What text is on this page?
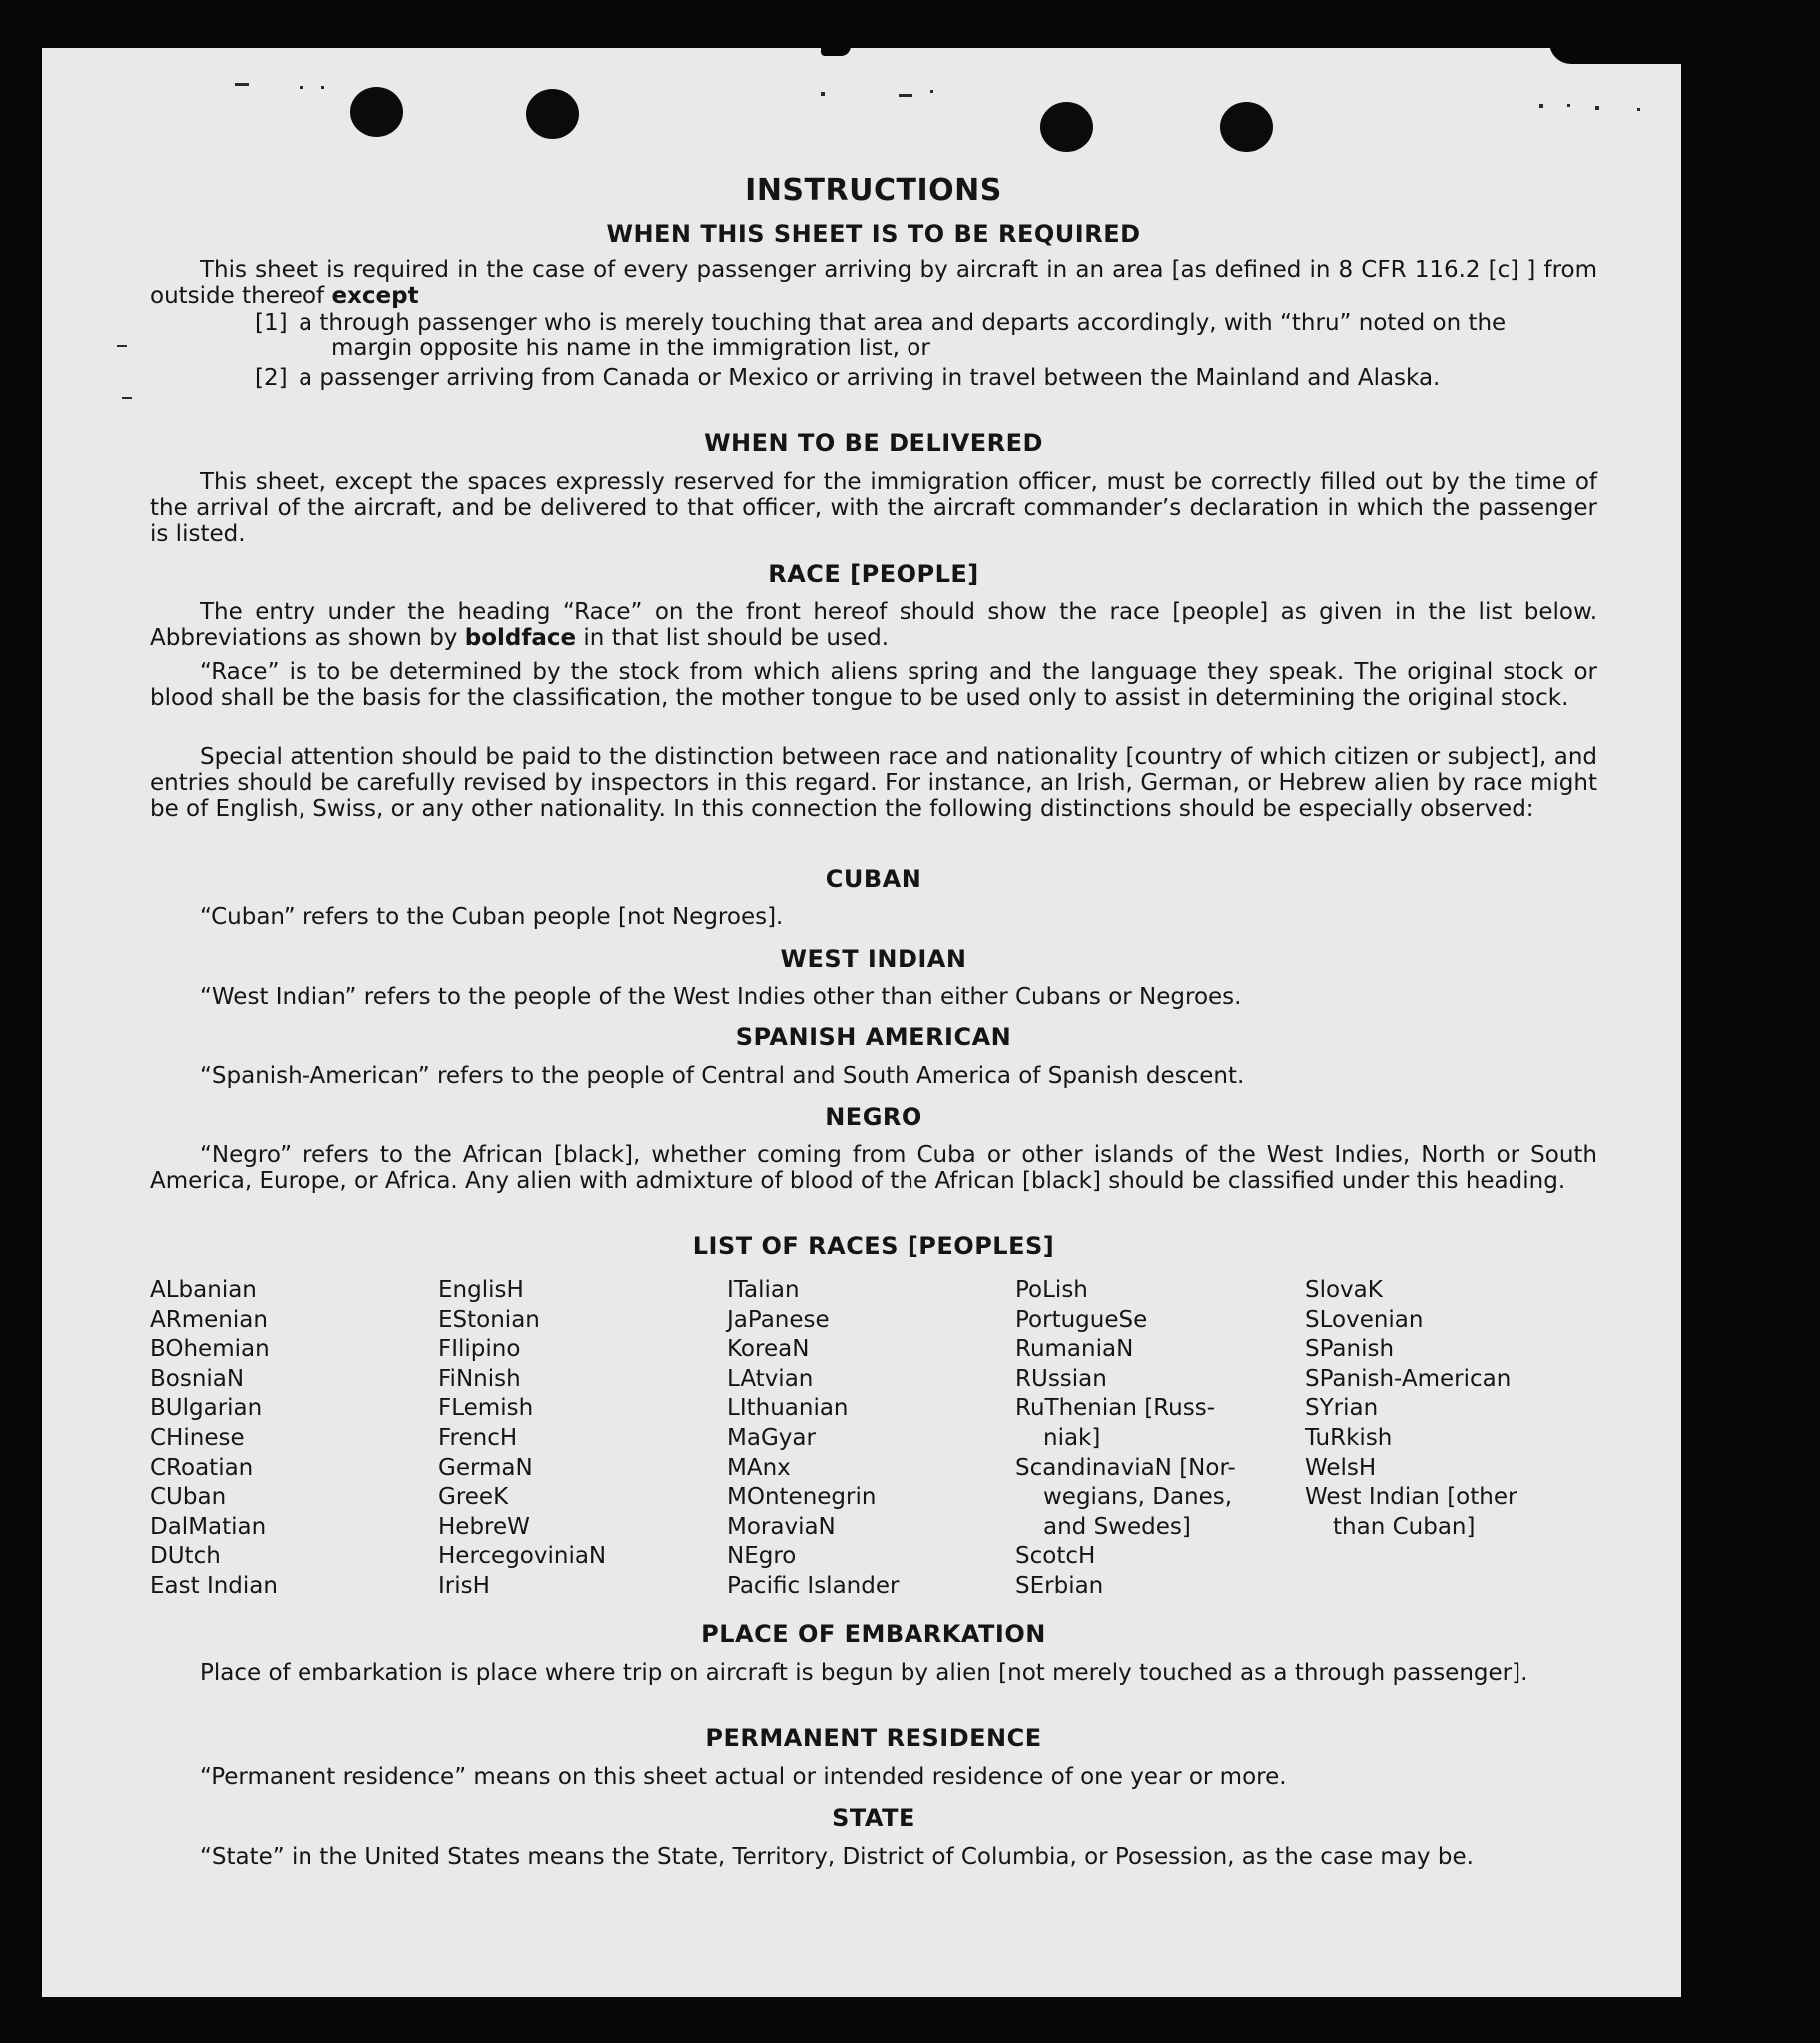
INSTRUCTIONS
WHEN THIS SHEET IS TO BE REQUIRED
This sheet is required in the case of every passenger arriving by aircraft in an area [as defined in 8 CFR 116.2 [c] ] from outside thereof except
[1] a through passenger who is merely touching that area and departs accordingly, with “thru” noted on the
margin opposite his name in the immigration list, or
[2] a passenger arriving from Canada or Mexico or arriving in travel between the Mainland and Alaska.
WHEN TO BE DELIVERED
This sheet, except the spaces expressly reserved for the immigration officer, must be correctly filled out by the time of the arrival of the aircraft, and be delivered to that officer, with the aircraft commander’s declaration in which the passenger is listed.
RACE [PEOPLE]
The entry under the heading “Race” on the front hereof should show the race [people] as given in the list below. Abbreviations as shown by boldface in that list should be used.
“Race” is to be determined by the stock from which aliens spring and the language they speak. The original stock or blood shall be the basis for the classification, the mother tongue to be used only to assist in determining the original stock.
Special attention should be paid to the distinction between race and nationality [country of which citizen or subject], and entries should be carefully revised by inspectors in this regard. For instance, an Irish, German, or Hebrew alien by race might be of English, Swiss, or any other nationality. In this connection the following distinctions should be especially observed:
CUBAN
“Cuban” refers to the Cuban people [not Negroes].
WEST INDIAN
“West Indian” refers to the people of the West Indies other than either Cubans or Negroes.
SPANISH AMERICAN
“Spanish-American” refers to the people of Central and South America of Spanish descent.
NEGRO
“Negro” refers to the African [black], whether coming from Cuba or other islands of the West Indies, North or South America, Europe, or Africa. Any alien with admixture of blood of the African [black] should be classified under this heading.
LIST OF RACES [PEOPLES]
ALbanian
ARmenian
BOhemian
BosniaN
BUlgarian
CHinese
CRoatian
CUban
DalMatian
DUtch
East Indian
EnglisH
EStonian
FIlipino
FiNnish
FLemish
FrencH
GermaN
GreeK
HebreW
HercegoviniaN
IrisH
ITalian
JaPanese
KoreaN
LAtvian
LIthuanian
MaGyar
MAnx
MOntenegrin
MoraviaN
NEgro
Pacific Islander
PoLish
PortugueSe
RumaniaN
RUssian
RuThenian [Russ-
niak]
ScandinaviaN [Nor-
wegians, Danes,
and Swedes]
ScotcH
SErbian
SlovaK
SLovenian
SPanish
SPanish-American
SYrian
TuRkish
WelsH
West Indian [other
than Cuban]
PLACE OF EMBARKATION
Place of embarkation is place where trip on aircraft is begun by alien [not merely touched as a through passenger].
PERMANENT RESIDENCE
“Permanent residence” means on this sheet actual or intended residence of one year or more.
STATE
“State” in the United States means the State, Territory, District of Columbia, or Posession, as the case may be.
